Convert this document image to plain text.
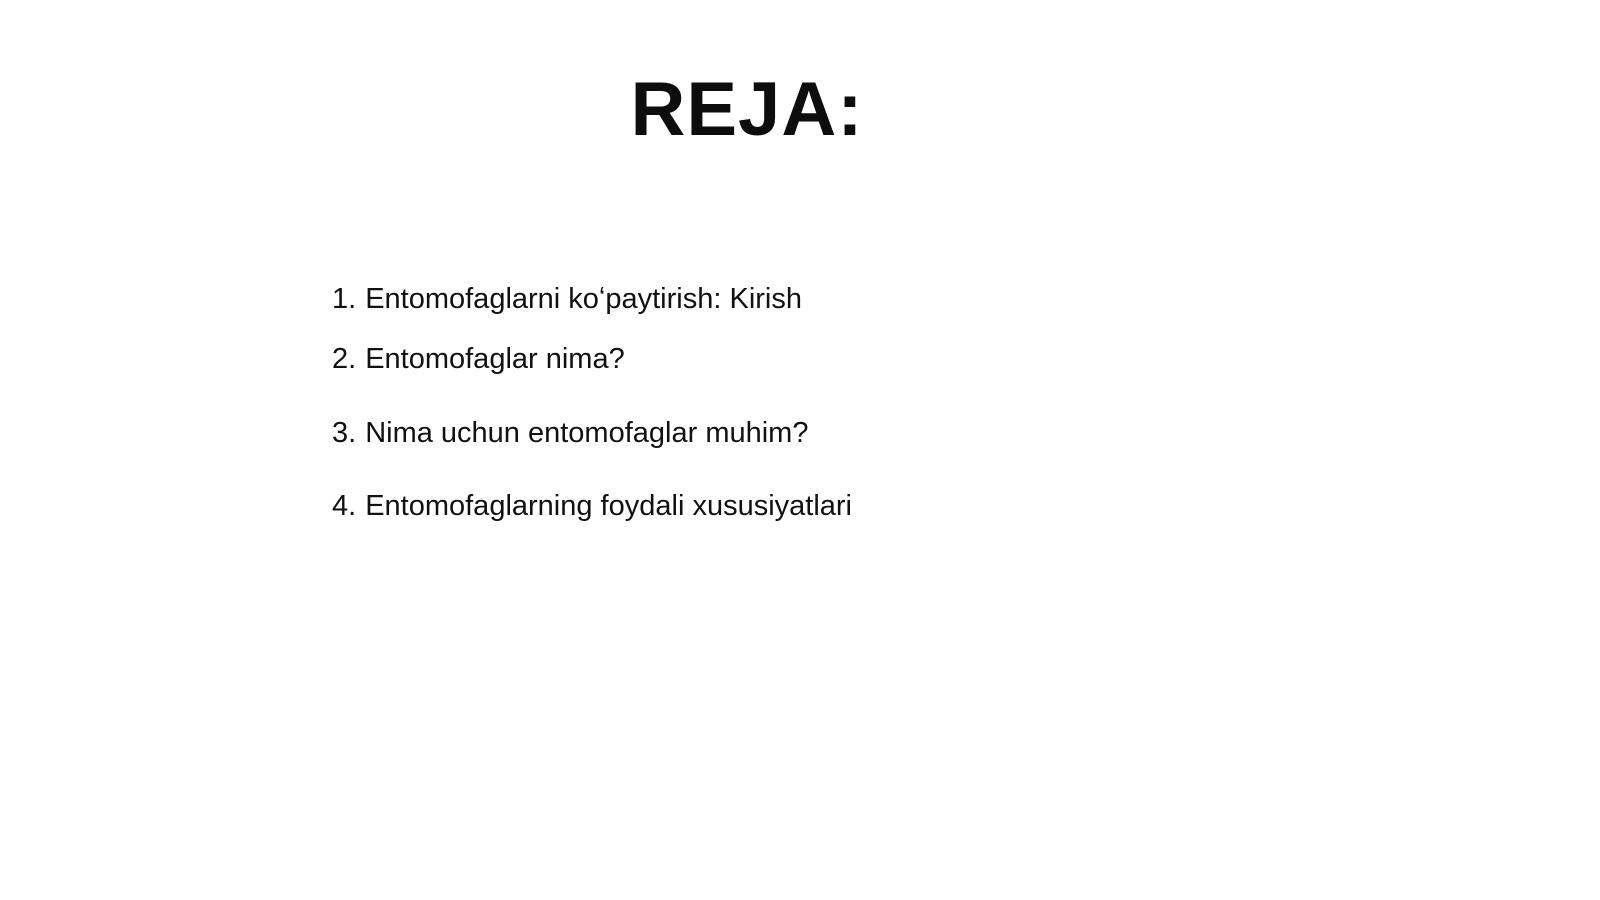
REJA:
1. Entomofaglarni koʻpaytirish: Kirish
2. Entomofaglar nima?
3. Nima uchun entomofaglar muhim?
4. Entomofaglarning foydali xususiyatlari
